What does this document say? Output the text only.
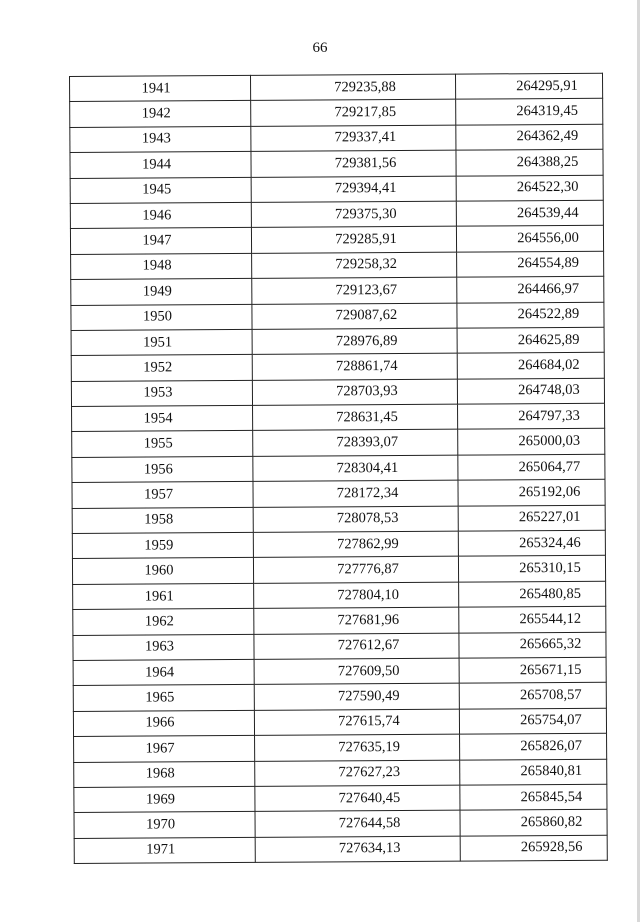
66
1941	729235,88	264295,91
1942	729217,85	264319,45
1943	729337,41	264362,49
1944	729381,56	264388,25
1945	729394,41	264522,30
1946	729375,30	264539,44
1947	729285,91	264556,00
1948	729258,32	264554,89
1949	729123,67	264466,97
1950	729087,62	264522,89
1951	728976,89	264625,89
1952	728861,74	264684,02
1953	728703,93	264748,03
1954	728631,45	264797,33
1955	728393,07	265000,03
1956	728304,41	265064,77
1957	728172,34	265192,06
1958	728078,53	265227,01
1959	727862,99	265324,46
1960	727776,87	265310,15
1961	727804,10	265480,85
1962	727681,96	265544,12
1963	727612,67	265665,32
1964	727609,50	265671,15
1965	727590,49	265708,57
1966	727615,74	265754,07
1967	727635,19	265826,07
1968	727627,23	265840,81
1969	727640,45	265845,54
1970	727644,58	265860,82
1971	727634,13	265928,56
